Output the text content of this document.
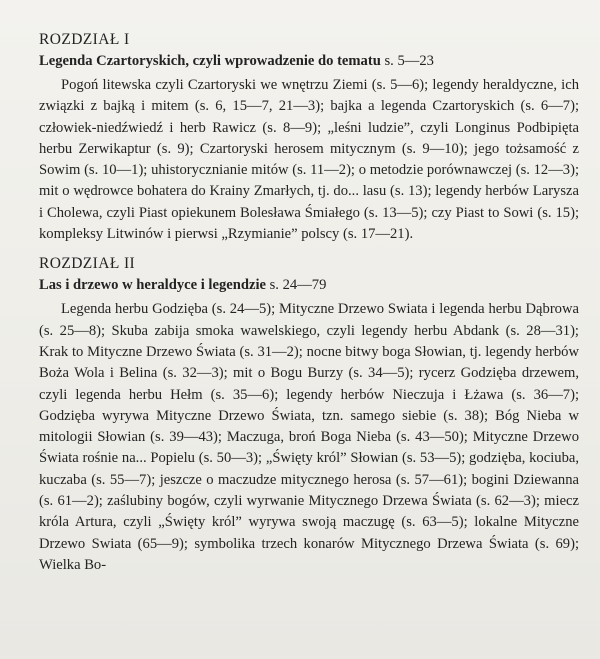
ROZDZIAŁ I

Legenda Czartoryskich, czyli wprowadzenie do tematu s. 5—23

Pogoń litewska czyli Czartoryski we wnętrzu Ziemi (s. 5—6); legendy heraldyczne, ich związki z bajką i mitem (s. 6, 15—7, 21—3); bajka a legenda Czartoryskich (s. 6—7); człowiek-niedźwiedź i herb Rawicz (s. 8—9); „leśni ludzie”, czyli Longinus Podbipięta herbu Zerwikaptur (s. 9); Czartoryski herosem mitycznym (s. 9—10); jego tożsamość z Sowim (s. 10—1); uhistorycznianie mitów (s. 11—2); o metodzie porównawczej (s. 12—3); mit o wędrowce bohatera do Krainy Zmarłych, tj. do... lasu (s. 13); legendy herbów Larysza i Cholewa, czyli Piast opiekunem Bolesława Śmiałego (s. 13—5); czy Piast to Sowi (s. 15); kompleksy Litwinów i pierwsi „Rzymianie” polscy (s. 17—21).

ROZDZIAŁ II

Las i drzewo w heraldyce i legendzie s. 24—79

Legenda herbu Godzięba (s. 24—5); Mityczne Drzewo Swiata i legenda herbu Dąbrowa (s. 25—8); Skuba zabija smoka wawelskiego, czyli legendy herbu Abdank (s. 28—31); Krak to Mityczne Drzewo Świata (s. 31—2); nocne bitwy boga Słowian, tj. legendy herbów Boża Wola i Belina (s. 32—3); mit o Bogu Burzy (s. 34—5); rycerz Godzięba drzewem, czyli legenda herbu Hełm (s. 35—6); legendy herbów Nieczuja i Łżawa (s. 36—7); Godzięba wyrywa Mityczne Drzewo Świata, tzn. samego siebie (s. 38); Bóg Nieba w mitologii Słowian (s. 39—43); Maczuga, broń Boga Nieba (s. 43—50); Mityczne Drzewo Świata rośnie na... Popielu (s. 50—3); „Święty król” Słowian (s. 53—5); godzięba, kociuba, kuczaba (s. 55—7); jeszcze o maczudze mitycznego herosa (s. 57—61); bogini Dziewanna (s. 61—2); zaślubiny bogów, czyli wyrwanie Mitycznego Drzewa Świata (s. 62—3); miecz króla Artura, czyli „Święty król” wyrywa swoją maczugę (s. 63—5); lokalne Mityczne Drzewo Swiata (65—9); symbolika trzech konarów Mitycznego Drzewa Świata (s. 69); Wielka Bo-
